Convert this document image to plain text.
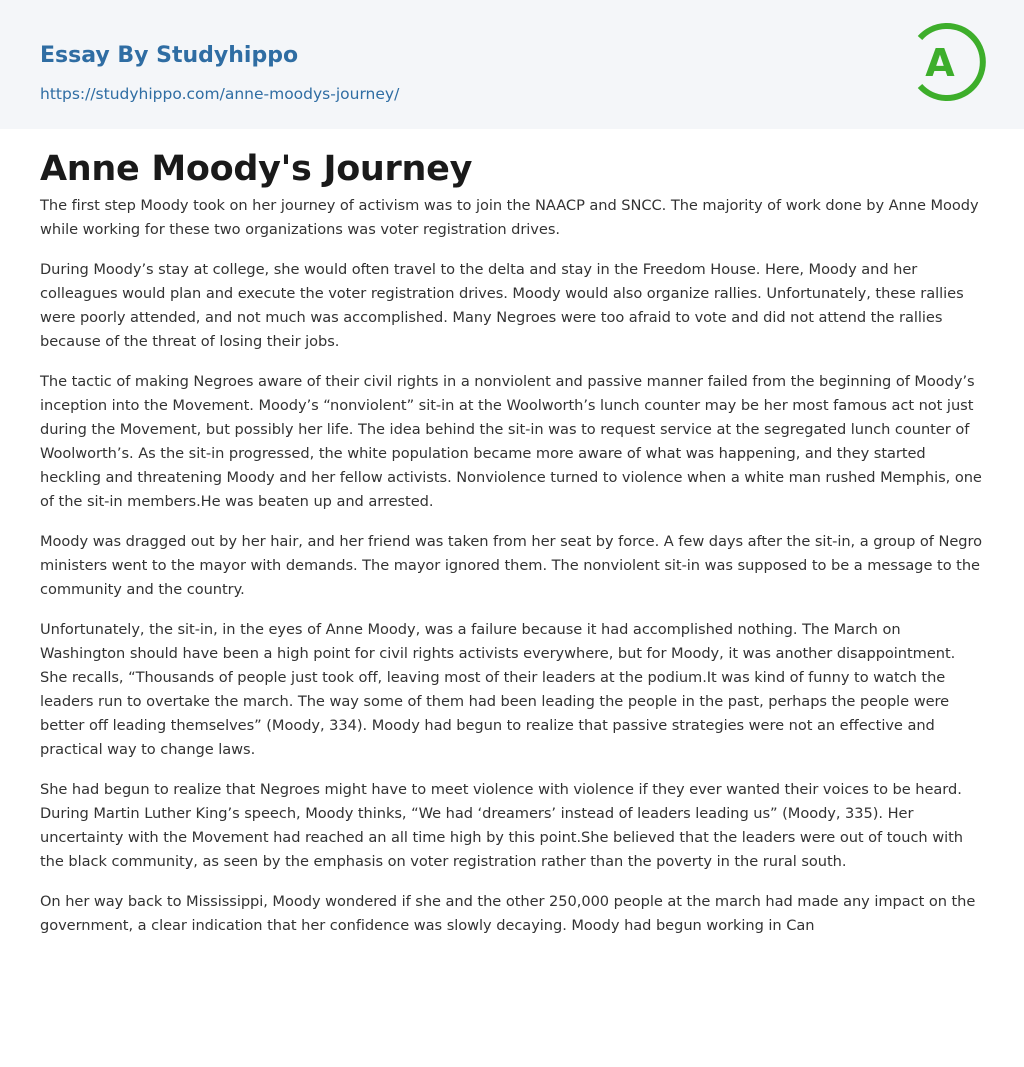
Essay By Studyhippo
https://studyhippo.com/anne-moodys-journey/
A
Anne Moody's Journey

The first step Moody took on her journey of activism was to join the NAACP and SNCC. The majority of work done by Anne Moody while working for these two organizations was voter registration drives.

During Moody’s stay at college, she would often travel to the delta and stay in the Freedom House. Here, Moody and her colleagues would plan and execute the voter registration drives. Moody would also organize rallies. Unfortunately, these rallies were poorly attended, and not much was accomplished. Many Negroes were too afraid to vote and did not attend the rallies because of the threat of losing their jobs.

The tactic of making Negroes aware of their civil rights in a nonviolent and passive manner failed from the beginning of Moody’s inception into the Movement. Moody’s “nonviolent” sit-in at the Woolworth’s lunch counter may be her most famous act not just during the Movement, but possibly her life. The idea behind the sit-in was to request service at the segregated lunch counter of Woolworth’s. As the sit-in progressed, the white population became more aware of what was happening, and they started heckling and threatening Moody and her fellow activists. Nonviolence turned to violence when a white man rushed Memphis, one of the sit-in members.He was beaten up and arrested.

Moody was dragged out by her hair, and her friend was taken from her seat by force. A few days after the sit-in, a group of Negro ministers went to the mayor with demands. The mayor ignored them. The nonviolent sit-in was supposed to be a message to the community and the country.

Unfortunately, the sit-in, in the eyes of Anne Moody, was a failure because it had accomplished nothing. The March on Washington should have been a high point for civil rights activists everywhere, but for Moody, it was another disappointment. She recalls, “Thousands of people just took off, leaving most of their leaders at the podium.It was kind of funny to watch the leaders run to overtake the march. The way some of them had been leading the people in the past, perhaps the people were better off leading themselves” (Moody, 334). Moody had begun to realize that passive strategies were not an effective and practical way to change laws.

She had begun to realize that Negroes might have to meet violence with violence if they ever wanted their voices to be heard. During Martin Luther King’s speech, Moody thinks, “We had ‘dreamers’ instead of leaders leading us” (Moody, 335). Her uncertainty with the Movement had reached an all time high by this point.She believed that the leaders were out of touch with the black community, as seen by the emphasis on voter registration rather than the poverty in the rural south.

On her way back to Mississippi, Moody wondered if she and the other 250,000 people at the march had made any impact on the government, a clear indication that her confidence was slowly decaying. Moody had begun working in Can
